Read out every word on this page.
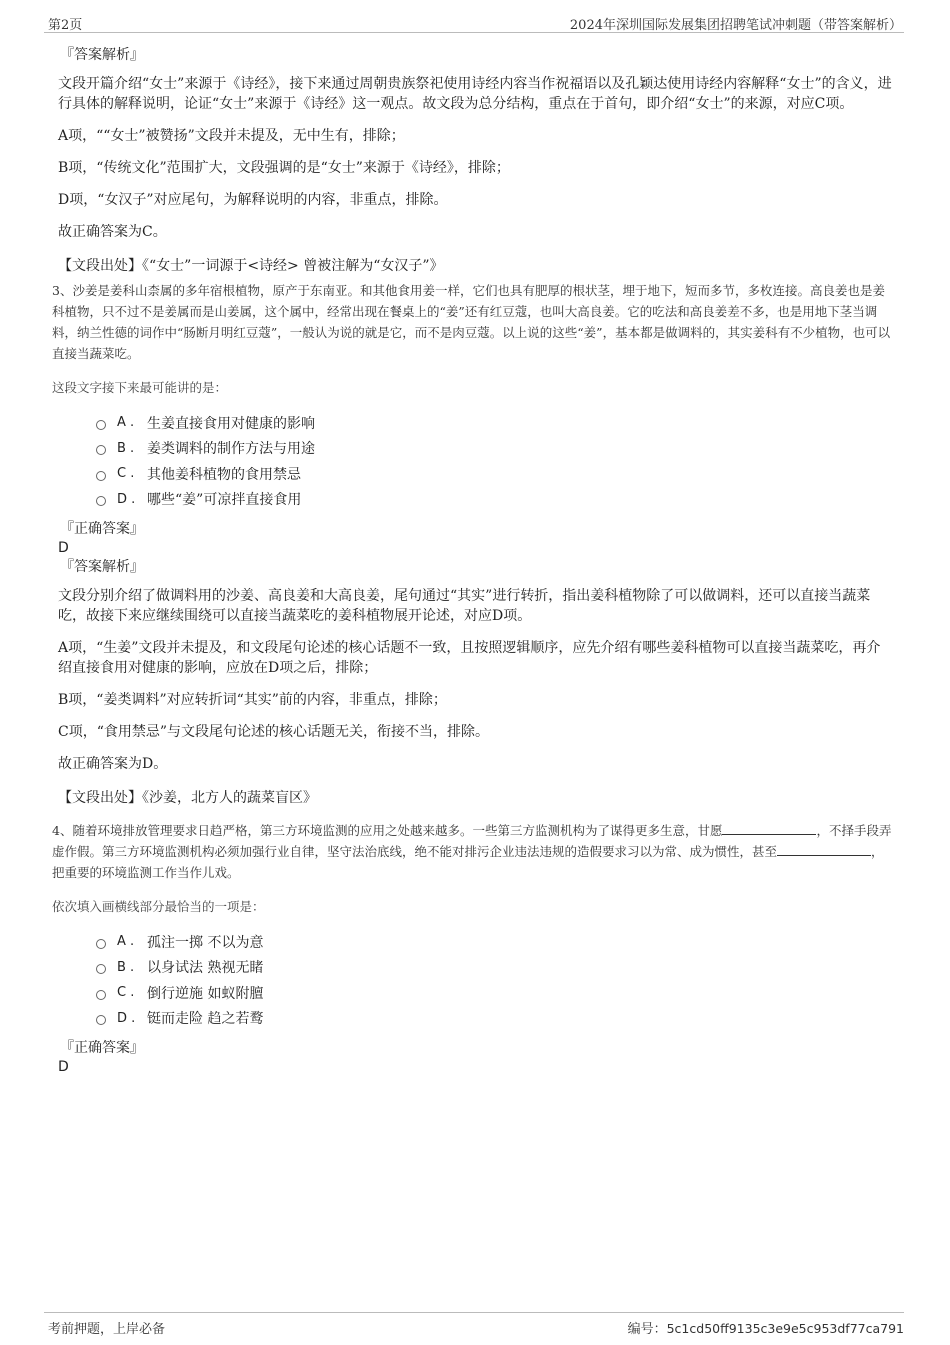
第2页	2024年深圳国际发展集团招聘笔试冲刺题（带答案解析）
『答案解析』
文段开篇介绍“女士”来源于《诗经》，接下来通过周朝贵族祭祀使用诗经内容当作祝福语以及孔颖达使用诗经内容解释“女士”的含义，进行具体的解释说明，论证“女士”来源于《诗经》这一观点。故文段为总分结构，重点在于首句，即介绍“女士”的来源，对应C项。
A项，““女士”被赞扬”文段并未提及，无中生有，排除；
B项，“传统文化”范围扩大，文段强调的是“女士”来源于《诗经》，排除；
D项，“女汉子”对应尾句，为解释说明的内容，非重点，排除。
故正确答案为C。
【文段出处】《“女士”一词源于<诗经> 曾被注解为“女汉子”》
3、沙姜是姜科山柰属的多年宿根植物，原产于东南亚。和其他食用姜一样，它们也具有肥厚的根状茎，埋于地下，短而多节，多枚连接。高良姜也是姜科植物，只不过不是姜属而是山姜属，这个属中，经常出现在餐桌上的“姜”还有红豆蔻，也叫大高良姜。它的吃法和高良姜差不多，也是用地下茎当调料，纳兰性德的词作中“肠断月明红豆蔻”，一般认为说的就是它，而不是肉豆蔻。以上说的这些“姜”，基本都是做调料的，其实姜科有不少植物，也可以直接当蔬菜吃。
这段文字接下来最可能讲的是：
A . 生姜直接食用对健康的影响
B . 姜类调料的制作方法与用途
C . 其他姜科植物的食用禁忌
D . 哪些“姜”可凉拌直接食用
『正确答案』
D
『答案解析』
文段分别介绍了做调料用的沙姜、高良姜和大高良姜，尾句通过“其实”进行转折，指出姜科植物除了可以做调料，还可以直接当蔬菜吃，故接下来应继续围绕可以直接当蔬菜吃的姜科植物展开论述，对应D项。
A项，“生姜”文段并未提及，和文段尾句论述的核心话题不一致，且按照逻辑顺序，应先介绍有哪些姜科植物可以直接当蔬菜吃，再介绍直接食用对健康的影响，应放在D项之后，排除；
B项，“姜类调料”对应转折词“其实”前的内容，非重点，排除；
C项，“食用禁忌”与文段尾句论述的核心话题无关，衔接不当，排除。
故正确答案为D。
【文段出处】《沙姜，北方人的蔬菜盲区》
4、随着环境排放管理要求日趋严格，第三方环境监测的应用之处越来越多。一些第三方监测机构为了谋得更多生意，甘愿	，不择手段弄虚作假。第三方环境监测机构必须加强行业自律，坚守法治底线，绝不能对排污企业违法违规的造假要求习以为常、成为惯性，甚至	，把重要的环境监测工作当作儿戏。
依次填入画横线部分最恰当的一项是：
A . 孤注一掷 不以为意
B . 以身试法 熟视无睹
C . 倒行逆施 如蚁附膻
D . 铤而走险 趋之若鹜
『正确答案』
D
考前押题，上岸必备	编号：5c1cd50ff9135c3e9e5c953df77ca791
